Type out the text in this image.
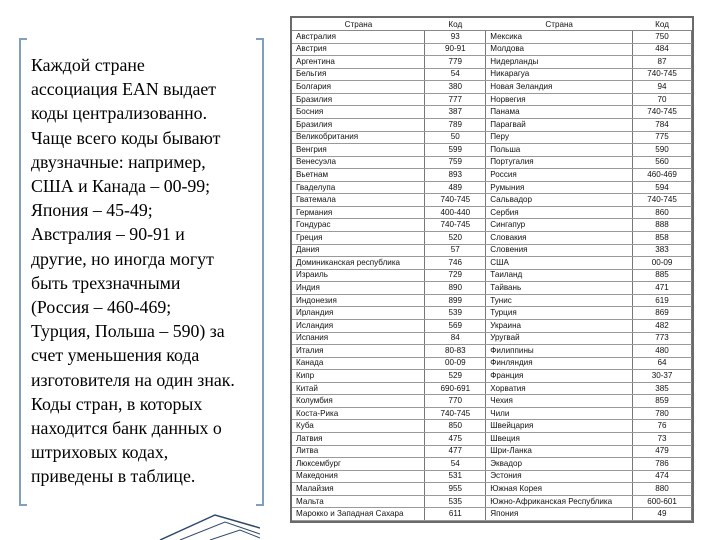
Каждой стране
ассоциация EAN выдает
коды централизованно.
Чаще всего коды бывают
двузначные: например,
США и Канада – 00-99;
Япония – 45-49;
Австралия – 90-91 и
другие, но иногда могут
быть трехзначными
(Россия – 460-469;
Турция, Польша – 590) за
счет уменьшения кода
изготовителя на один знак.
Коды стран, в которых
находится банк данных о
штриховых кодах,
приведены в таблице.

Страна	Код	Страна	Код
Австралия	93	Мексика	750
Австрия	90-91	Молдова	484
Аргентина	779	Нидерланды	87
Бельгия	54	Никарагуа	740-745
Болгария	380	Новая Зеландия	94
Бразилия	777	Норвегия	70
Босния	387	Панама	740-745
Бразилия	789	Парагвай	784
Великобритания	50	Перу	775
Венгрия	599	Польша	590
Венесуэла	759	Португалия	560
Вьетнам	893	Россия	460-469
Гваделупа	489	Румыния	594
Гватемала	740-745	Сальвадор	740-745
Германия	400-440	Сербия	860
Гондурас	740-745	Сингапур	888
Греция	520	Словакия	858
Дания	57	Словения	383
Доминиканская республика	746	США	00-09
Израиль	729	Таиланд	885
Индия	890	Тайвань	471
Индонезия	899	Тунис	619
Ирландия	539	Турция	869
Исландия	569	Украина	482
Испания	84	Уругвай	773
Италия	80-83	Филиппины	480
Канада	00-09	Финляндия	64
Кипр	529	Франция	30-37
Китай	690-691	Хорватия	385
Колумбия	770	Чехия	859
Коста-Рика	740-745	Чили	780
Куба	850	Швейцария	76
Латвия	475	Швеция	73
Литва	477	Шри-Ланка	479
Люксембург	54	Эквадор	786
Македония	531	Эстония	474
Малайзия	955	Южная Корея	880
Мальта	535	Южно-Африканская Республика	600-601
Марокко и Западная Сахара	611	Япония	49
